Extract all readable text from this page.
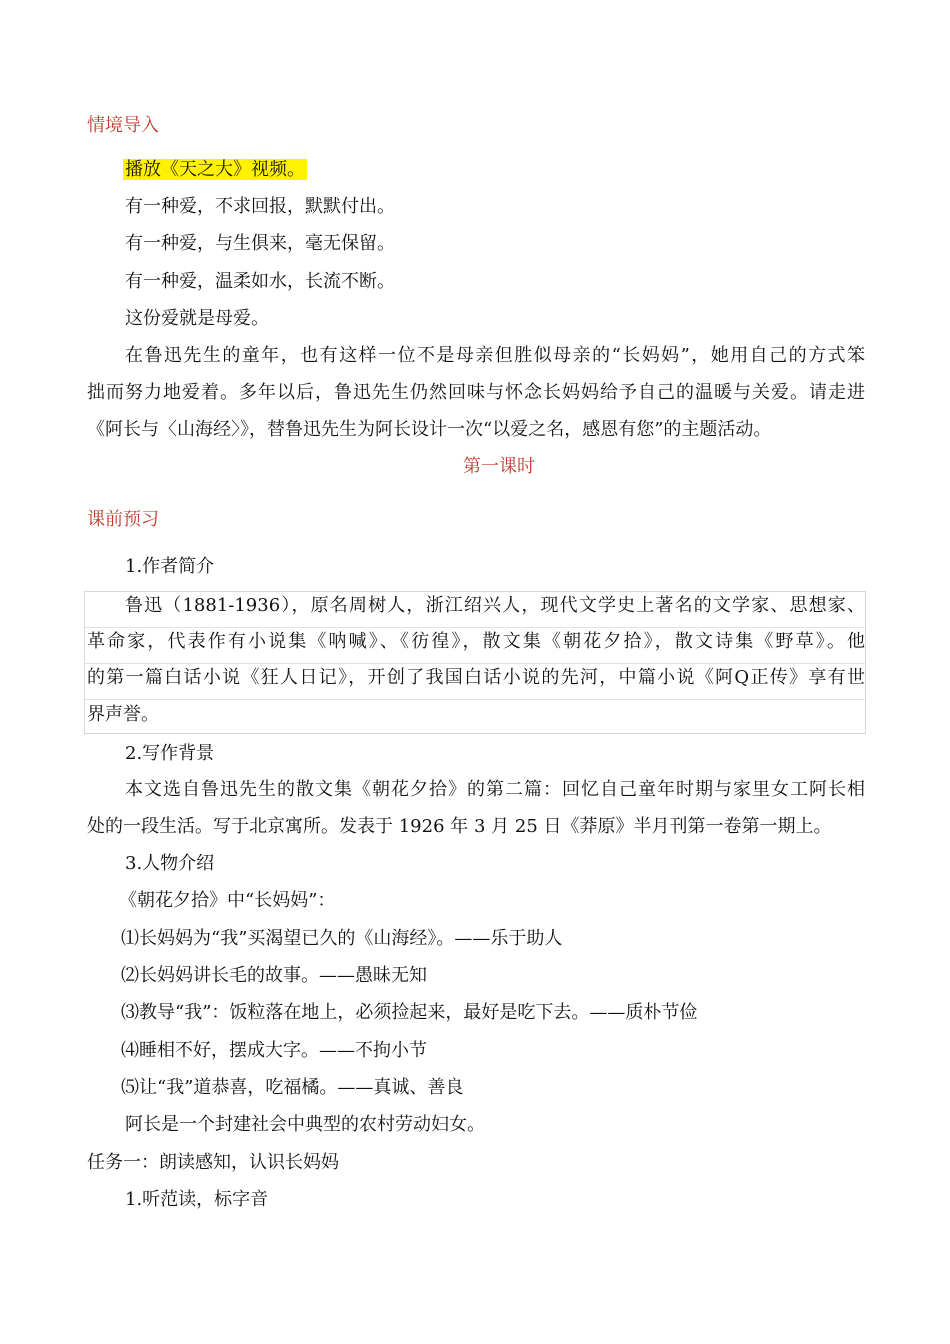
情境导入
播放《天之大》视频。
有一种爱，不求回报，默默付出。
有一种爱，与生俱来，毫无保留。
有一种爱，温柔如水，长流不断。
这份爱就是母爱。
在鲁迅先生的童年，也有这样一位不是母亲但胜似母亲的“长妈妈”，她用自己的方式笨
拙而努力地爱着。多年以后，鲁迅先生仍然回味与怀念长妈妈给予自己的温暖与关爱。请走进
《阿长与〈山海经〉》，替鲁迅先生为阿长设计一次“以爱之名，感恩有您”的主题活动。
第一课时
课前预习
1.作者简介
鲁迅（1881-1936），原名周树人，浙江绍兴人，现代文学史上著名的文学家、思想家、
革命家，代表作有小说集《呐喊》、《彷徨》，散文集《朝花夕拾》，散文诗集《野草》。他
的第一篇白话小说《狂人日记》，开创了我国白话小说的先河，中篇小说《阿Q正传》享有世
界声誉。
2.写作背景
本文选自鲁迅先生的散文集《朝花夕拾》的第二篇：回忆自己童年时期与家里女工阿长相
处的一段生活。写于北京寓所。发表于 1926 年 3 月 25 日《莽原》半月刊第一卷第一期上。
3.人物介绍
《朝花夕拾》中“长妈妈”：
⑴长妈妈为“我”买渴望已久的《山海经》。——乐于助人
⑵长妈妈讲长毛的故事。——愚昧无知
⑶教导“我”：饭粒落在地上，必须捡起来，最好是吃下去。——质朴节俭
⑷睡相不好，摆成大字。——不拘小节
⑸让“我”道恭喜，吃福橘。——真诚、善良
阿长是一个封建社会中典型的农村劳动妇女。
任务一：朗读感知，认识长妈妈
1.听范读，标字音
